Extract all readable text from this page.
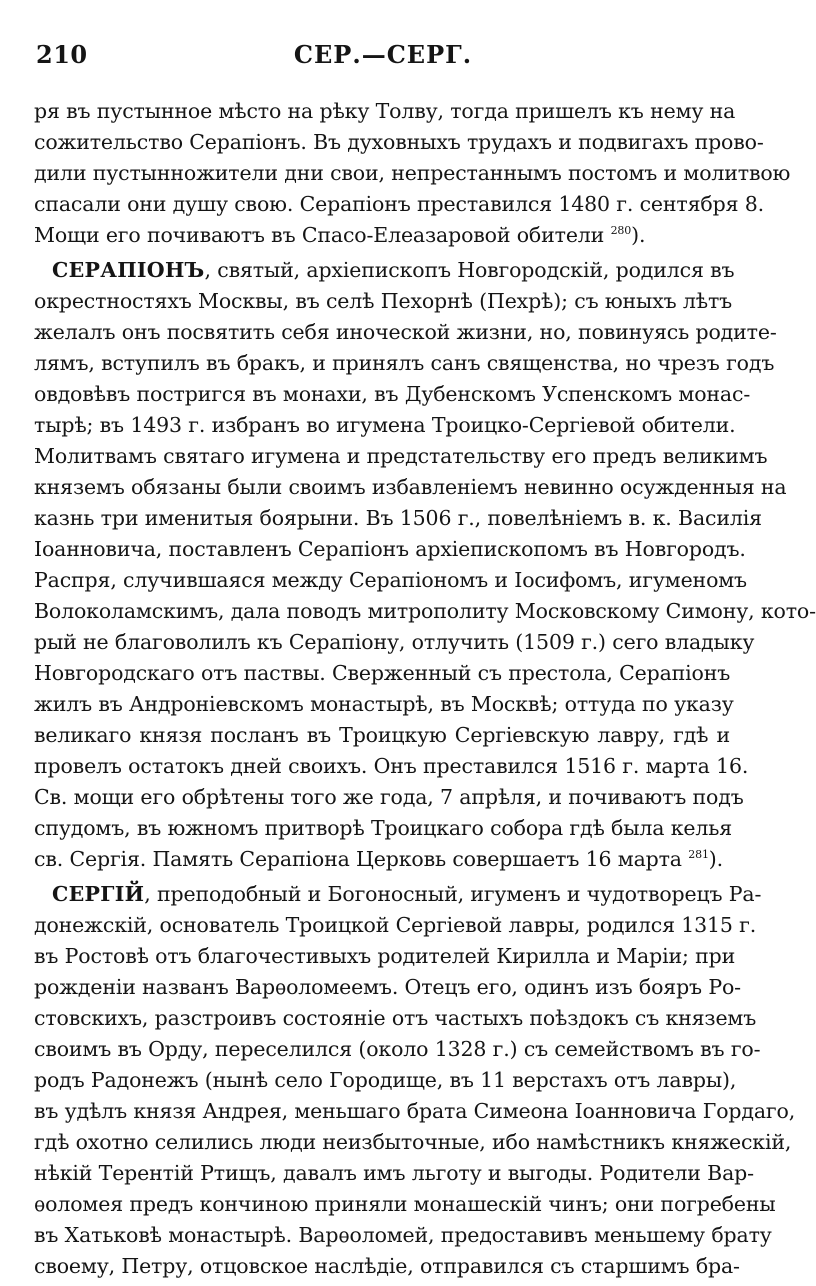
210	СЕР.—СЕРГ.

ря въ пустынное мѣсто на рѣку Толву, тогда пришелъ къ нему на
сожительство Серапiонъ. Въ духовныхъ трудахъ и подвигахъ прово-
дили пустынножители дни свои, непрестаннымъ постомъ и молитвою
спасали они душу свою. Серапiонъ преставился 1480 г. сентября 8.
Мощи его почиваютъ въ Спасо-Елеазаровой обители $^{280}$).

СЕРАПIОНЪ, святый, архiепископъ Новгородскiй, родился въ
окрестностяхъ Москвы, въ селѣ Пехорнѣ (Пехрѣ); съ юныхъ лѣтъ
желалъ онъ посвятить себя иноческой жизни, но, повинуясь родите-
лямъ, вступилъ въ бракъ, и принялъ санъ священства, но чрезъ годъ
овдовѣвъ постригся въ монахи, въ Дубенскомъ Успенскомъ монас-
тырѣ; въ 1493 г. избранъ во игумена Троицко-Сергiевой обители.
Молитвамъ святаго игумена и предстательству его предъ великимъ
княземъ обязаны были своимъ избавленiемъ невинно осужденныя на
казнь три именитыя боярыни. Въ 1506 г., повелѣнiемъ в. к. Василiя
Iоанновича, поставленъ Серапiонъ архiепископомъ въ Новгородъ.
Распря, случившаяся между Серапiономъ и Iосифомъ, игуменомъ
Волоколамскимъ, дала поводъ митрополиту Московскому Симону, кото-
рый не благоволилъ къ Серапiону, отлучить (1509 г.) сего владыку
Новгородскаго отъ паствы. Сверженный съ престола, Серапiонъ
жилъ въ Андронiевскомъ монастырѣ, въ Москвѣ; оттуда по указу
великаго князя посланъ въ Троицкую Сергiевскую лавру, гдѣ и
провелъ остатокъ дней своихъ. Онъ преставился 1516 г. марта 16.
Св. мощи его обрѣтены того же года, 7 апрѣля, и почиваютъ подъ
спудомъ, въ южномъ притворѣ Троицкаго собора гдѣ была келья
св. Сергiя. Память Серапiона Церковь совершаетъ 16 марта $^{281}$).

СЕРГIЙ, преподобный и Богоносный, игуменъ и чудотворецъ Ра-
донежскiй, основатель Троицкой Сергiевой лавры, родился 1315 г.
въ Ростовѣ отъ благочестивыхъ родителей Кирилла и Марiи; при
рожденiи названъ Варѳоломеемъ. Отецъ его, одинъ изъ бояръ Ро-
стовскихъ, разстроивъ состоянiе отъ частыхъ поѣздокъ съ княземъ
своимъ въ Орду, переселился (около 1328 г.) съ семействомъ въ го-
родъ Радонежъ (нынѣ село Городище, въ 11 верстахъ отъ лавры),
въ удѣлъ князя Андрея, меньшаго брата Симеона Iоанновича Гордаго,
гдѣ охотно селились люди неизбыточные, ибо намѣстникъ княжескiй,
нѣкiй Терентiй Ртищъ, давалъ имъ льготу и выгоды. Родители Вар-
ѳоломея предъ кончиною приняли монашескiй чинъ; они погребены
въ Хатьковѣ монастырѣ. Варѳоломей, предоставивъ меньшему брату
своему, Петру, отцовское наслѣдiе, отправился съ старшимъ бра-
